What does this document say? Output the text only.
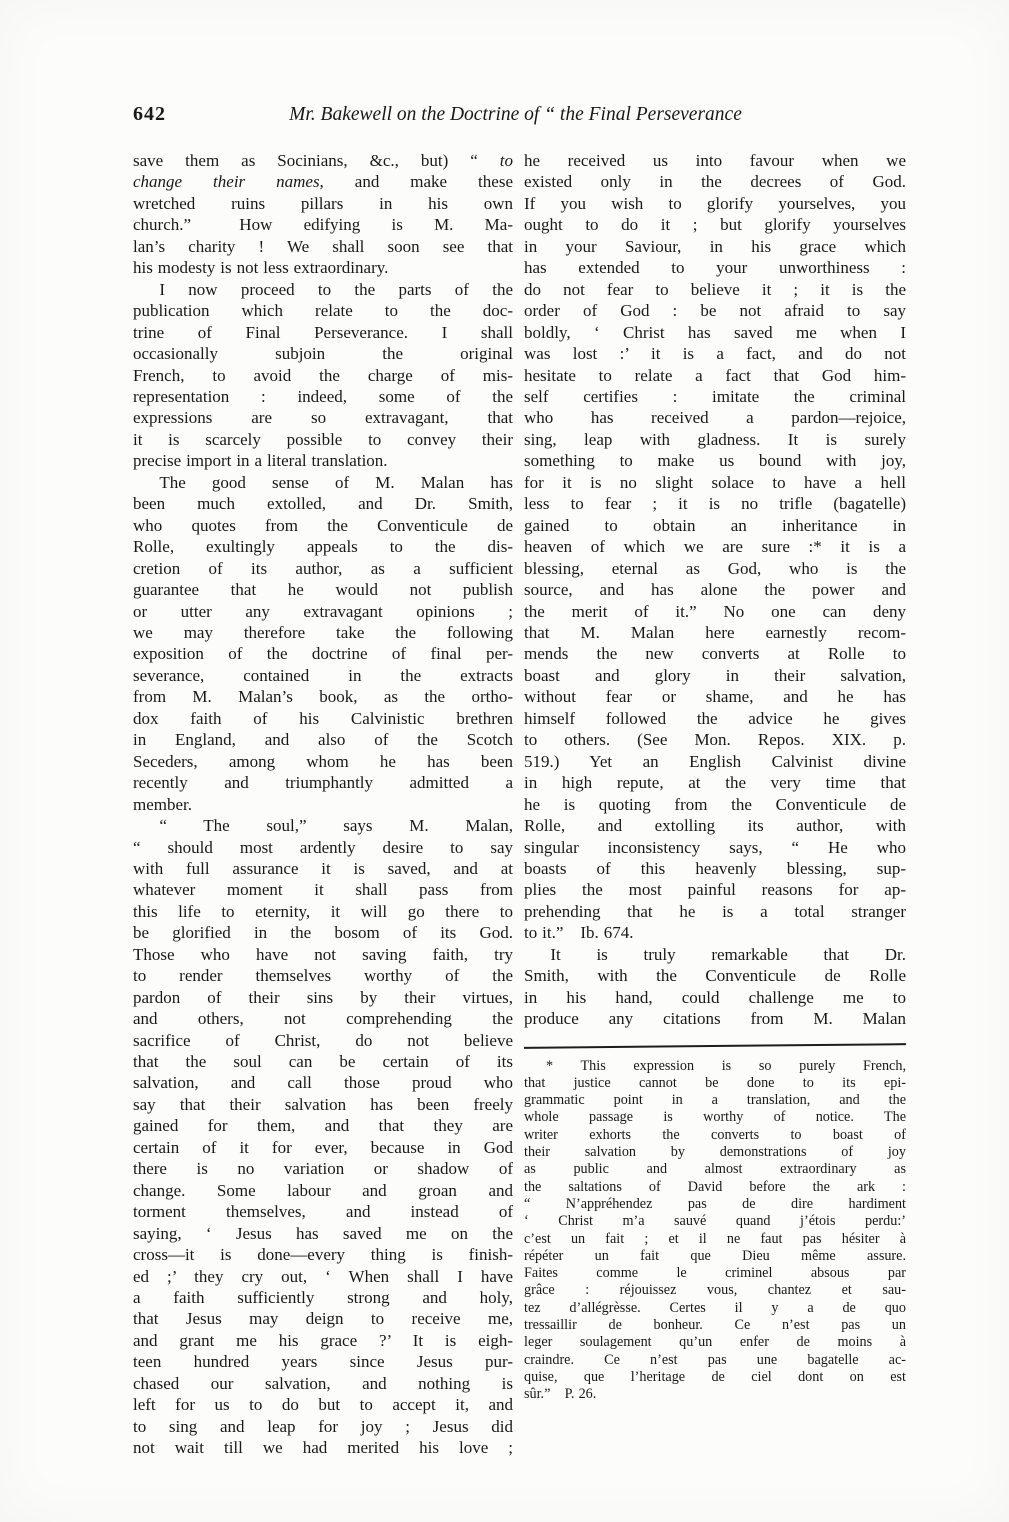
642	Mr. Bakewell on the Doctrine of “ the Final Perseverance
save them as Socinians, &c., but) “ to
change their names, and make these
wretched ruins pillars in his own
church.”  How edifying is M. Ma-
lan’s charity ! We shall soon see that
his modesty is not less extraordinary.
I now proceed to the parts of the
publication which relate to the doc-
trine of Final Perseverance. I shall
occasionally subjoin the original
French, to avoid the charge of mis-
representation : indeed, some of the
expressions are so extravagant, that
it is scarcely possible to convey their
precise import in a literal translation.
The good sense of M. Malan has
been much extolled, and Dr. Smith,
who quotes from the Conventicule de
Rolle, exultingly appeals to the dis-
cretion of its author, as a sufficient
guarantee that he would not publish
or utter any extravagant opinions ;
we may therefore take the following
exposition of the doctrine of final per-
severance, contained in the extracts
from M. Malan’s book, as the ortho-
dox faith of his Calvinistic brethren
in England, and also of the Scotch
Seceders, among whom he has been
recently and triumphantly admitted a
member.
“ The soul,” says M. Malan,
“ should most ardently desire to say
with full assurance it is saved, and at
whatever moment it shall pass from
this life to eternity, it will go there to
be glorified in the bosom of its God.
Those who have not saving faith, try
to render themselves worthy of the
pardon of their sins by their virtues,
and others, not comprehending the
sacrifice of Christ, do not believe
that the soul can be certain of its
salvation, and call those proud who
say that their salvation has been freely
gained for them, and that they are
certain of it for ever, because in God
there is no variation or shadow of
change. Some labour and groan and
torment themselves, and instead of
saying, ‘ Jesus has saved me on the
cross—it is done—every thing is finish-
ed ;’ they cry out, ‘ When shall I have
a faith sufficiently strong and holy,
that Jesus may deign to receive me,
and grant me his grace ?’ It is eigh-
teen hundred years since Jesus pur-
chased our salvation, and nothing is
left for us to do but to accept it, and
to sing and leap for joy ; Jesus did
not wait till we had merited his love ;
he received us into favour when we
existed only in the decrees of God.
If you wish to glorify yourselves, you
ought to do it ; but glorify yourselves
in your Saviour, in his grace which
has extended to your unworthiness :
do not fear to believe it ; it is the
order of God : be not afraid to say
boldly, ‘ Christ has saved me when I
was lost :’ it is a fact, and do not
hesitate to relate a fact that God him-
self certifies : imitate the criminal
who has received a pardon—rejoice,
sing, leap with gladness. It is surely
something to make us bound with joy,
for it is no slight solace to have a hell
less to fear ; it is no trifle (bagatelle)
gained to obtain an inheritance in
heaven of which we are sure :* it is a
blessing, eternal as God, who is the
source, and has alone the power and
the merit of it.” No one can deny
that M. Malan here earnestly recom-
mends the new converts at Rolle to
boast and glory in their salvation,
without fear or shame, and he has
himself followed the advice he gives
to others. (See Mon. Repos. XIX. p.
519.) Yet an English Calvinist divine
in high repute, at the very time that
he is quoting from the Conventicule de
Rolle, and extolling its author, with
singular inconsistency says, “ He who
boasts of this heavenly blessing, sup-
plies the most painful reasons for ap-
prehending that he is a total stranger
to it.” Ib. 674.
It is truly remarkable that Dr.
Smith, with the Conventicule de Rolle
in his hand, could challenge me to
produce any citations from M. Malan
* This expression is so purely French,
that justice cannot be done to its epi-
grammatic point in a translation, and the
whole passage is worthy of notice. The
writer exhorts the converts to boast of
their salvation by demonstrations of joy
as public and almost extraordinary as
the saltations of David before the ark :
“ N’appréhendez pas de dire hardiment
‘ Christ m’a sauvé quand j’étois perdu:’
c’est un fait ; et il ne faut pas hésiter à
répéter un fait que Dieu même assure.
Faites comme le criminel absous par
grâce : réjouissez vous, chantez et sau-
tez d’allégrèsse. Certes il y a de quo
tressaillir de bonheur. Ce n’est pas un
leger soulagement qu’un enfer de moins à
craindre. Ce n’est pas une bagatelle ac-
quise, que l’heritage de ciel dont on est
sûr.” P. 26.
